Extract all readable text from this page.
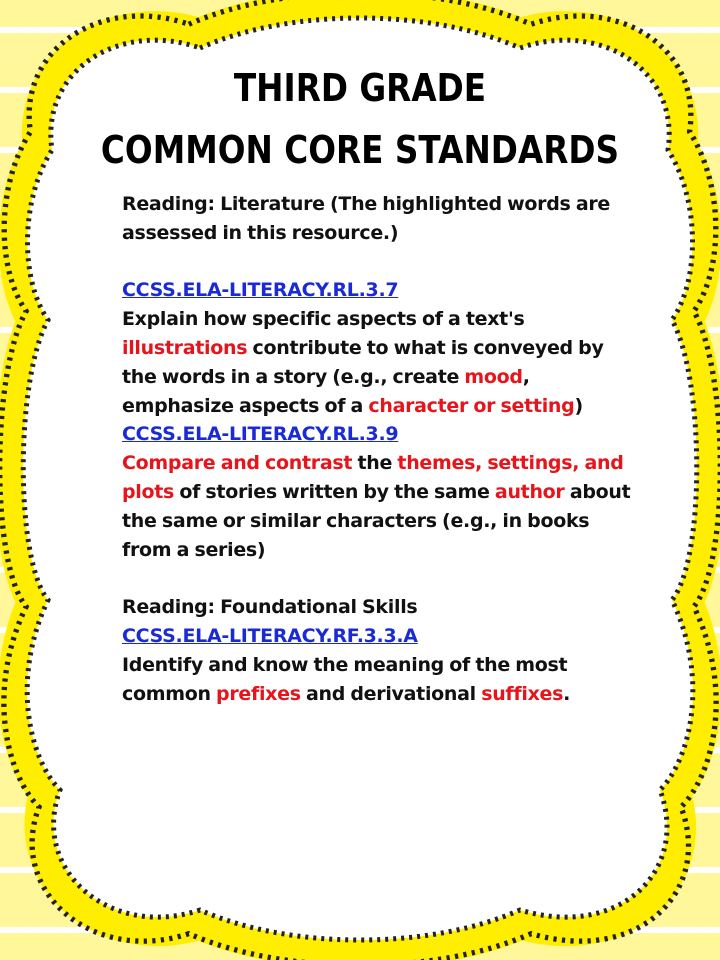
THIRD GRADE
COMMON CORE STANDARDS
Reading: Literature (The highlighted words are
assessed in this resource.)
CCSS.ELA-LITERACY.RL.3.7
Explain how specific aspects of a text's
illustrations contribute to what is conveyed by
the words in a story (e.g., create mood,
emphasize aspects of a character or setting)
CCSS.ELA-LITERACY.RL.3.9
Compare and contrast the themes, settings, and
plots of stories written by the same author about
the same or similar characters (e.g., in books
from a series)
Reading: Foundational Skills
CCSS.ELA-LITERACY.RF.3.3.A
Identify and know the meaning of the most
common prefixes and derivational suffixes.
